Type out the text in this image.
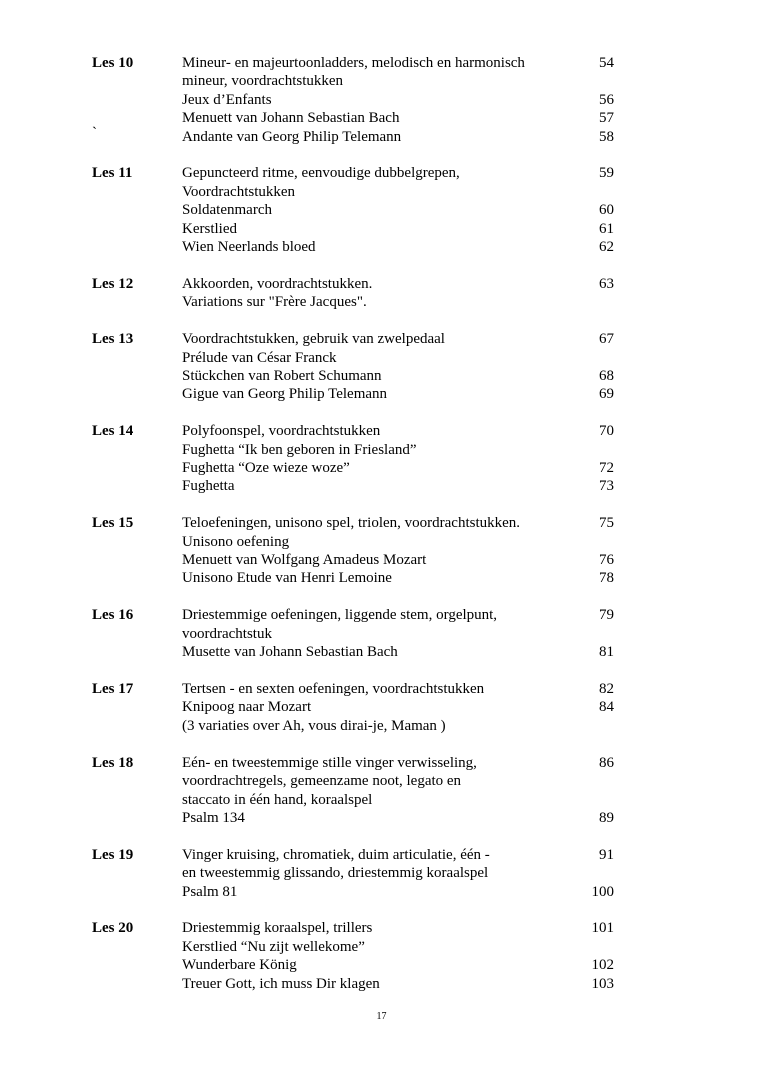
Les 10	Mineur- en majeurtoonladders, melodisch en harmonisch	54
mineur, voordrachtstukken
Jeux d’Enfants	56
Menuett van Johann Sebastian Bach	57
`	Andante van Georg Philip Telemann	58
Les 11	Gepuncteerd ritme, eenvoudige dubbelgrepen,	59
Voordrachtstukken
Soldatenmarch	60
Kerstlied	61
Wien Neerlands bloed	62
Les 12	Akkoorden, voordrachtstukken.	63
Variations sur "Frère Jacques".
Les 13	Voordrachtstukken, gebruik van zwelpedaal	67
Prélude van César Franck
Stückchen van Robert Schumann	68
Gigue van Georg Philip Telemann	69
Les 14	Polyfoonspel, voordrachtstukken	70
Fughetta “Ik ben geboren in Friesland”
Fughetta “Oze wieze woze”	72
Fughetta	73
Les 15	Teloefeningen, unisono spel, triolen, voordrachtstukken.	75
Unisono oefening
Menuett van Wolfgang Amadeus Mozart	76
Unisono Etude van Henri Lemoine	78
Les 16	Driestemmige oefeningen, liggende stem, orgelpunt,	79
voordrachtstuk
Musette van Johann Sebastian Bach	81
Les 17	Tertsen - en sexten oefeningen, voordrachtstukken	82
Knipoog naar Mozart	84
(3 variaties over Ah, vous dirai-je, Maman )
Les 18	Eén- en tweestemmige stille vinger verwisseling,	86
voordrachtregels, gemeenzame noot, legato en
staccato in één hand, koraalspel
Psalm 134	89
Les 19	Vinger kruising, chromatiek, duim articulatie, één -	91
en tweestemmig glissando, driestemmig koraalspel
Psalm 81	100
Les 20	Driestemmig koraalspel, trillers	101
Kerstlied “Nu zijt wellekome”
Wunderbare König	102
Treuer Gott, ich muss Dir klagen	103
17
